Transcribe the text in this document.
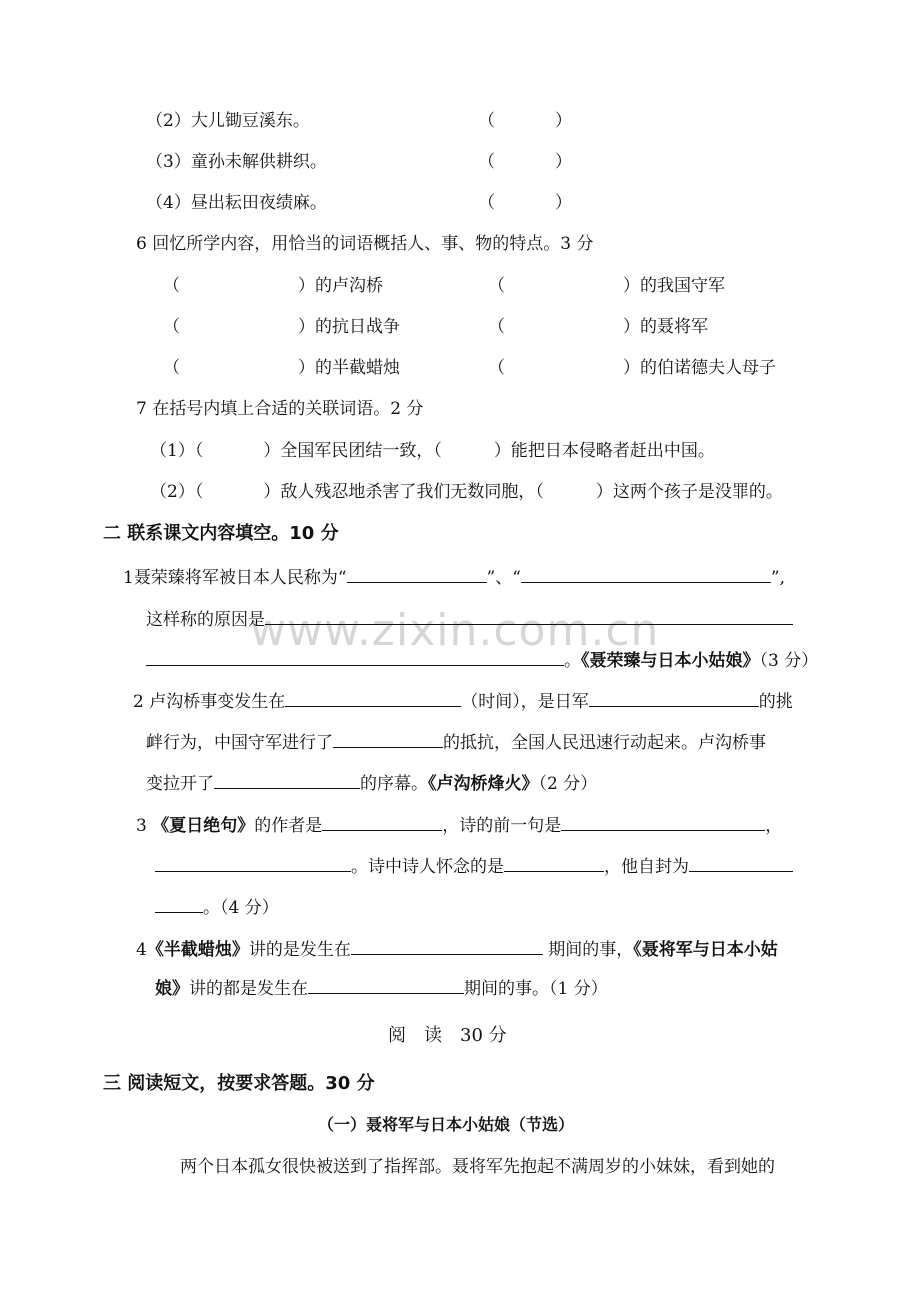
www.zixin.com.cn
（2）大儿锄豆溪东。	（	）
（3）童孙未解供耕织。	（	）
（4）昼出耘田夜绩麻。	（	）
6 回忆所学内容，用恰当的词语概括人、事、物的特点。3 分
（	）的卢沟桥	（	）的我国守军
（	）的抗日战争	（	）的聂将军
（	）的半截蜡烛	（	）的伯诺德夫人母子
7 在括号内填上合适的关联词语。2 分
（1）（	）全国军民团结一致，（	）能把日本侵略者赶出中国。
（2）（	）敌人残忍地杀害了我们无数同胞，（	）这两个孩子是没罪的。
二 联系课文内容填空。10 分
1聂荣臻将军被日本人民称为“	”、“	”,
这样称的原因是
。《聂荣臻与日本小姑娘》（3 分）
2 卢沟桥事变发生在	（时间），是日军	的挑
衅行为，中国守军进行了	的抵抗，全国人民迅速行动起来。卢沟桥事
变拉开了	的序幕。《卢沟桥烽火》（2 分）
3 《夏日绝句》的作者是	，诗的前一句是	，
。诗中诗人怀念的是	，他自封为
。（4 分）
4《半截蜡烛》讲的是发生在	期间的事，《聂将军与日本小姑
娘》讲的都是发生在	期间的事。（1 分）
阅　读　30 分
三 阅读短文，按要求答题。30 分
（一）聂将军与日本小姑娘（节选）
两个日本孤女很快被送到了指挥部。聂将军先抱起不满周岁的小妹妹，看到她的
